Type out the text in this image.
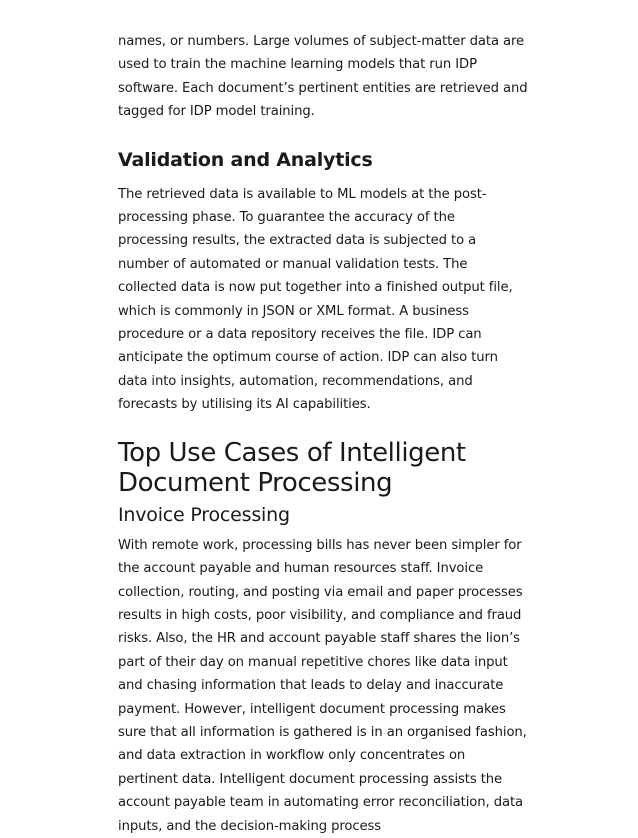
names, or numbers. Large volumes of subject-matter data are used to train the machine learning models that run IDP software. Each document’s pertinent entities are retrieved and tagged for IDP model training.

Validation and Analytics

The retrieved data is available to ML models at the post-processing phase. To guarantee the accuracy of the processing results, the extracted data is subjected to a number of automated or manual validation tests. The collected data is now put together into a finished output file, which is commonly in JSON or XML format. A business procedure or a data repository receives the file. IDP can anticipate the optimum course of action. IDP can also turn data into insights, automation, recommendations, and forecasts by utilising its AI capabilities.

Top Use Cases of Intelligent Document Processing
Invoice Processing

With remote work, processing bills has never been simpler for the account payable and human resources staff. Invoice collection, routing, and posting via email and paper processes results in high costs, poor visibility, and compliance and fraud risks. Also, the HR and account payable staff shares the lion’s part of their day on manual repetitive chores like data input and chasing information that leads to delay and inaccurate payment. However, intelligent document processing makes sure that all information is gathered is in an organised fashion, and data extraction in workflow only concentrates on pertinent data. Intelligent document processing assists the account payable team in automating error reconciliation, data inputs, and the decision-making process
